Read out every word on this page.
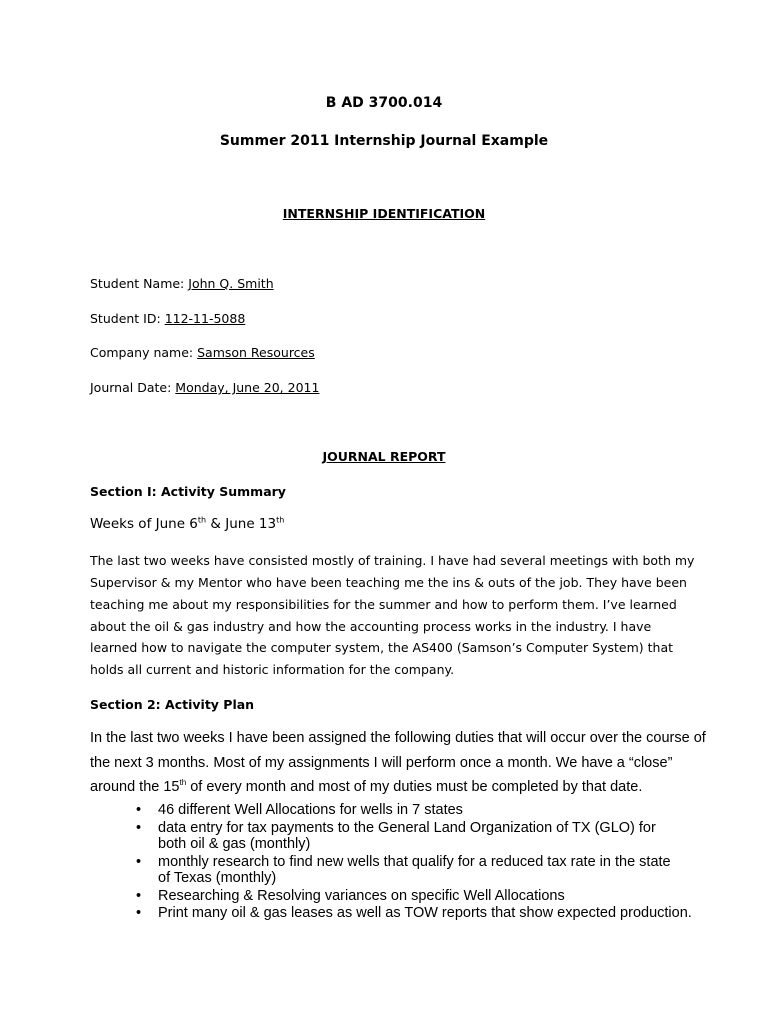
B AD 3700.014
Summer 2011 Internship Journal Example
INTERNSHIP IDENTIFICATION
Student Name: John Q. Smith
Student ID: 112-11-5088
Company name: Samson Resources
Journal Date: Monday, June 20, 2011
JOURNAL REPORT
Section I: Activity Summary
Weeks of June 6th & June 13th
The last two weeks have consisted mostly of training. I have had several meetings with both my
Supervisor & my Mentor who have been teaching me the ins & outs of the job. They have been
teaching me about my responsibilities for the summer and how to perform them. I’ve learned
about the oil & gas industry and how the accounting process works in the industry. I have
learned how to navigate the computer system, the AS400 (Samson’s Computer System) that
holds all current and historic information for the company.
Section 2: Activity Plan
In the last two weeks I have been assigned the following duties that will occur over the course of
the next 3 months. Most of my assignments I will perform once a month. We have a “close”
around the 15th of every month and most of my duties must be completed by that date.
• 46 different Well Allocations for wells in 7 states
• data entry for tax payments to the General Land Organization of TX (GLO) for both oil & gas (monthly)
• monthly research to find new wells that qualify for a reduced tax rate in the state of Texas (monthly)
• Researching & Resolving variances on specific Well Allocations
• Print many oil & gas leases as well as TOW reports that show expected production.
